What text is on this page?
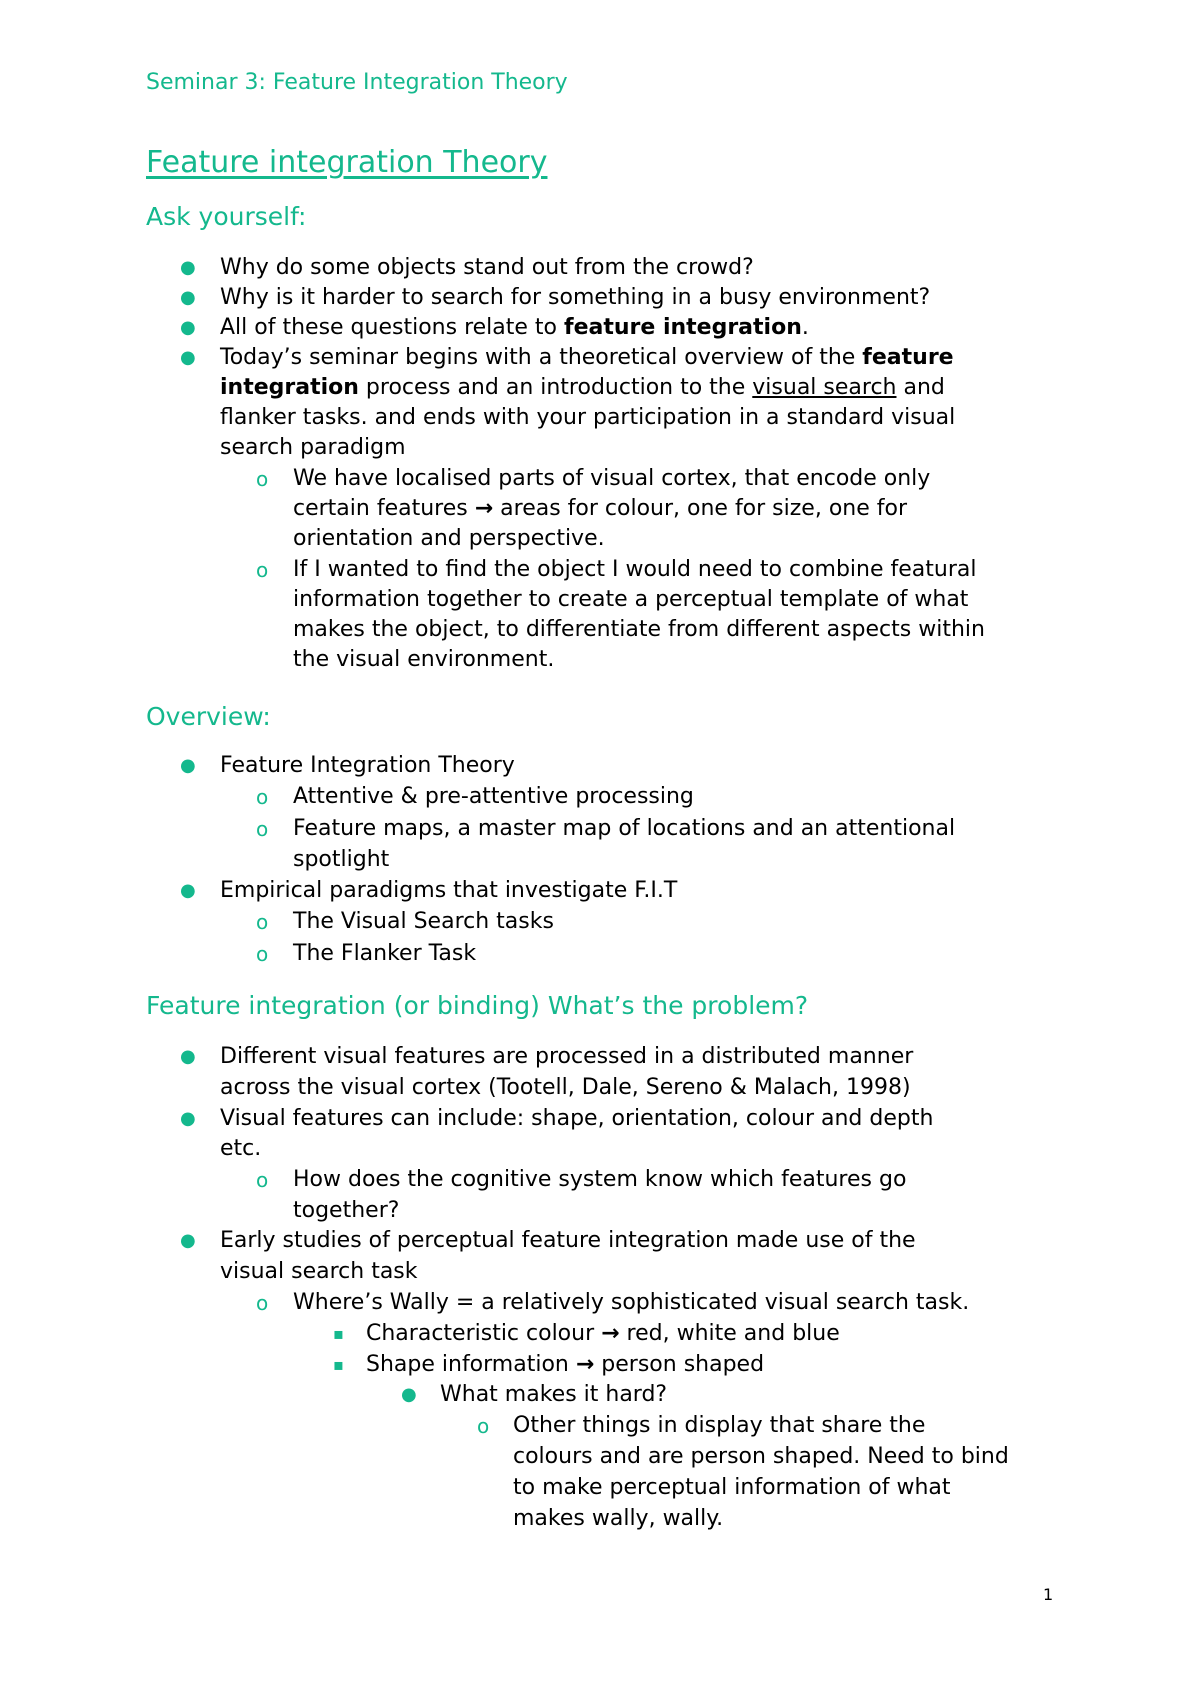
Seminar 3: Feature Integration Theory
Feature integration Theory
Ask yourself:
● Why do some objects stand out from the crowd?
● Why is it harder to search for something in a busy environment?
● All of these questions relate to feature integration.
● Today’s seminar begins with a theoretical overview of the feature
integration process and an introduction to the visual search and
flanker tasks. and ends with your participation in a standard visual
search paradigm
o We have localised parts of visual cortex, that encode only
certain features → areas for colour, one for size, one for
orientation and perspective.
o If I wanted to find the object I would need to combine featural
information together to create a perceptual template of what
makes the object, to differentiate from different aspects within
the visual environment.
Overview:
● Feature Integration Theory
o Attentive & pre-attentive processing
o Feature maps, a master map of locations and an attentional
spotlight
● Empirical paradigms that investigate F.I.T
o The Visual Search tasks
o The Flanker Task
Feature integration (or binding) What’s the problem?
● Different visual features are processed in a distributed manner
across the visual cortex (Tootell, Dale, Sereno & Malach, 1998)
● Visual features can include: shape, orientation, colour and depth
etc.
o How does the cognitive system know which features go
together?
● Early studies of perceptual feature integration made use of the
visual search task
o Where’s Wally = a relatively sophisticated visual search task.
▪ Characteristic colour → red, white and blue
▪ Shape information → person shaped
● What makes it hard?
o Other things in display that share the
colours and are person shaped. Need to bind
to make perceptual information of what
makes wally, wally.
1
